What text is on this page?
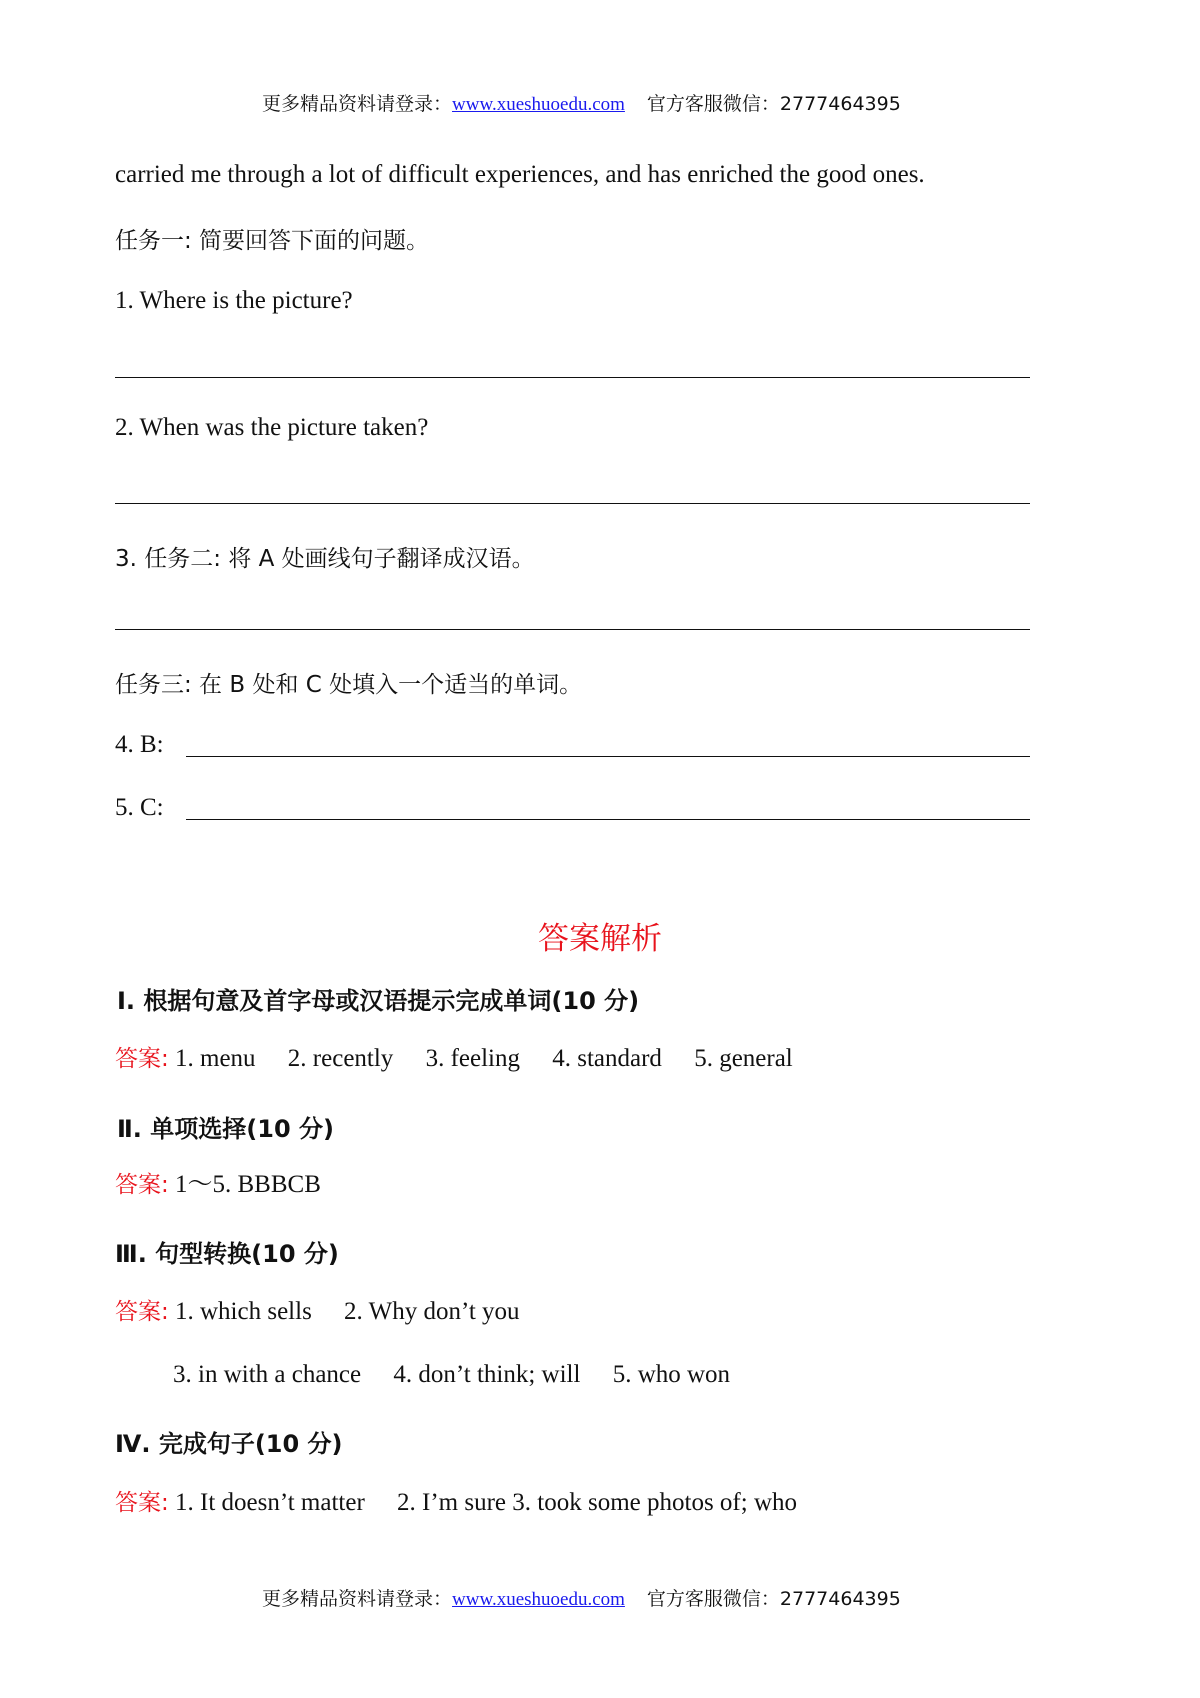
更多精品资料请登录：www.xueshuoedu.com 官方客服微信：2777464395
carried me through a lot of difficult experiences, and has enriched the good ones.
任务一: 简要回答下面的问题。
1. Where is the picture?
2. When was the picture taken?
3. 任务二: 将 A 处画线句子翻译成汉语。
任务三: 在 B 处和 C 处填入一个适当的单词。
4. B:
5. C:
答案解析
Ⅰ. 根据句意及首字母或汉语提示完成单词(10 分)
答案: 1. menu 2. recently 3. feeling 4. standard 5. general
Ⅱ. 单项选择(10 分)
答案: 1～5. BBBCB
Ⅲ. 句型转换(10 分)
答案: 1. which sells 2. Why don’t you
3. in with a chance 4. don’t think; will 5. who won
Ⅳ. 完成句子(10 分)
答案: 1. It doesn’t matter 2. I’m sure 3. took some photos of; who
更多精品资料请登录：www.xueshuoedu.com 官方客服微信：2777464395
